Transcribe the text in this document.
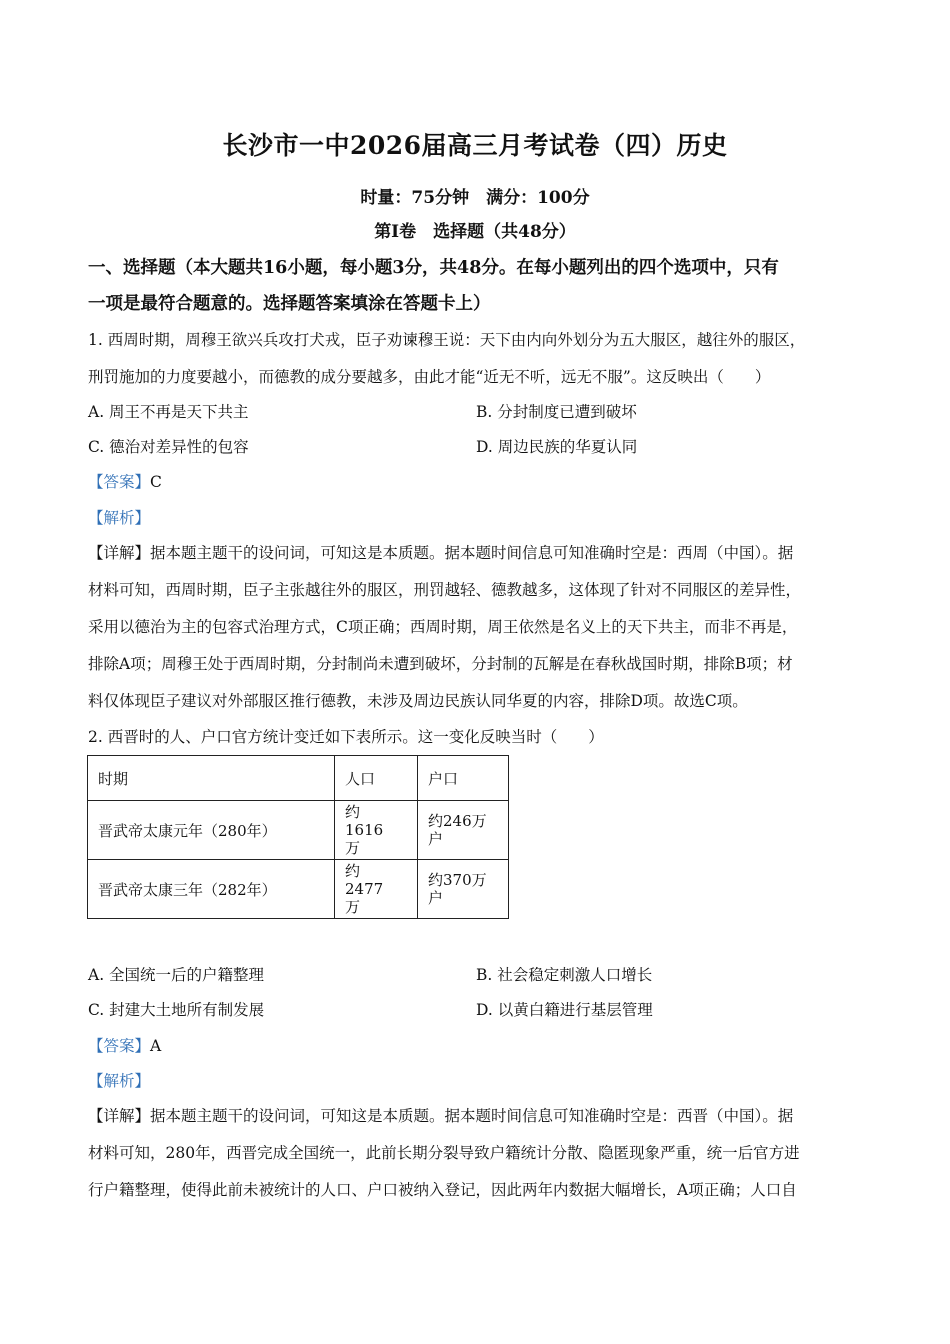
长沙市一中2026届高三月考试卷（四）历史
时量：75分钟　满分：100分
第Ⅰ卷　选择题（共48分）
一、选择题（本大题共16小题，每小题3分，共48分。在每小题列出的四个选项中，只有
一项是最符合题意的。选择题答案填涂在答题卡上）
1. 西周时期，周穆王欲兴兵攻打犬戎，臣子劝谏穆王说：天下由内向外划分为五大服区，越往外的服区，
刑罚施加的力度要越小，而德教的成分要越多，由此才能“近无不听，远无不服”。这反映出（　　）
A. 周王不再是天下共主	B. 分封制度已遭到破坏
C. 德治对差异性的包容	D. 周边民族的华夏认同
【答案】C
【解析】
【详解】据本题主题干的设问词，可知这是本质题。据本题时间信息可知准确时空是：西周（中国）。据
材料可知，西周时期，臣子主张越往外的服区，刑罚越轻、德教越多，这体现了针对不同服区的差异性，
采用以德治为主的包容式治理方式，C项正确；西周时期，周王依然是名义上的天下共主，而非不再是，
排除A项；周穆王处于西周时期，分封制尚未遭到破坏，分封制的瓦解是在春秋战国时期，排除B项；材
料仅体现臣子建议对外部服区推行德教，未涉及周边民族认同华夏的内容，排除D项。故选C项。
2. 西晋时的人、户口官方统计变迁如下表所示。这一变化反映当时（　　）
时期	人口	户口
晋武帝太康元年（280年）	约1616万	约246万户
晋武帝太康三年（282年）	约2477万	约370万户
A. 全国统一后的户籍整理	B. 社会稳定刺激人口增长
C. 封建大土地所有制发展	D. 以黄白籍进行基层管理
【答案】A
【解析】
【详解】据本题主题干的设问词，可知这是本质题。据本题时间信息可知准确时空是：西晋（中国）。据
材料可知，280年，西晋完成全国统一，此前长期分裂导致户籍统计分散、隐匿现象严重，统一后官方进
行户籍整理，使得此前未被统计的人口、户口被纳入登记，因此两年内数据大幅增长，A项正确；人口自
